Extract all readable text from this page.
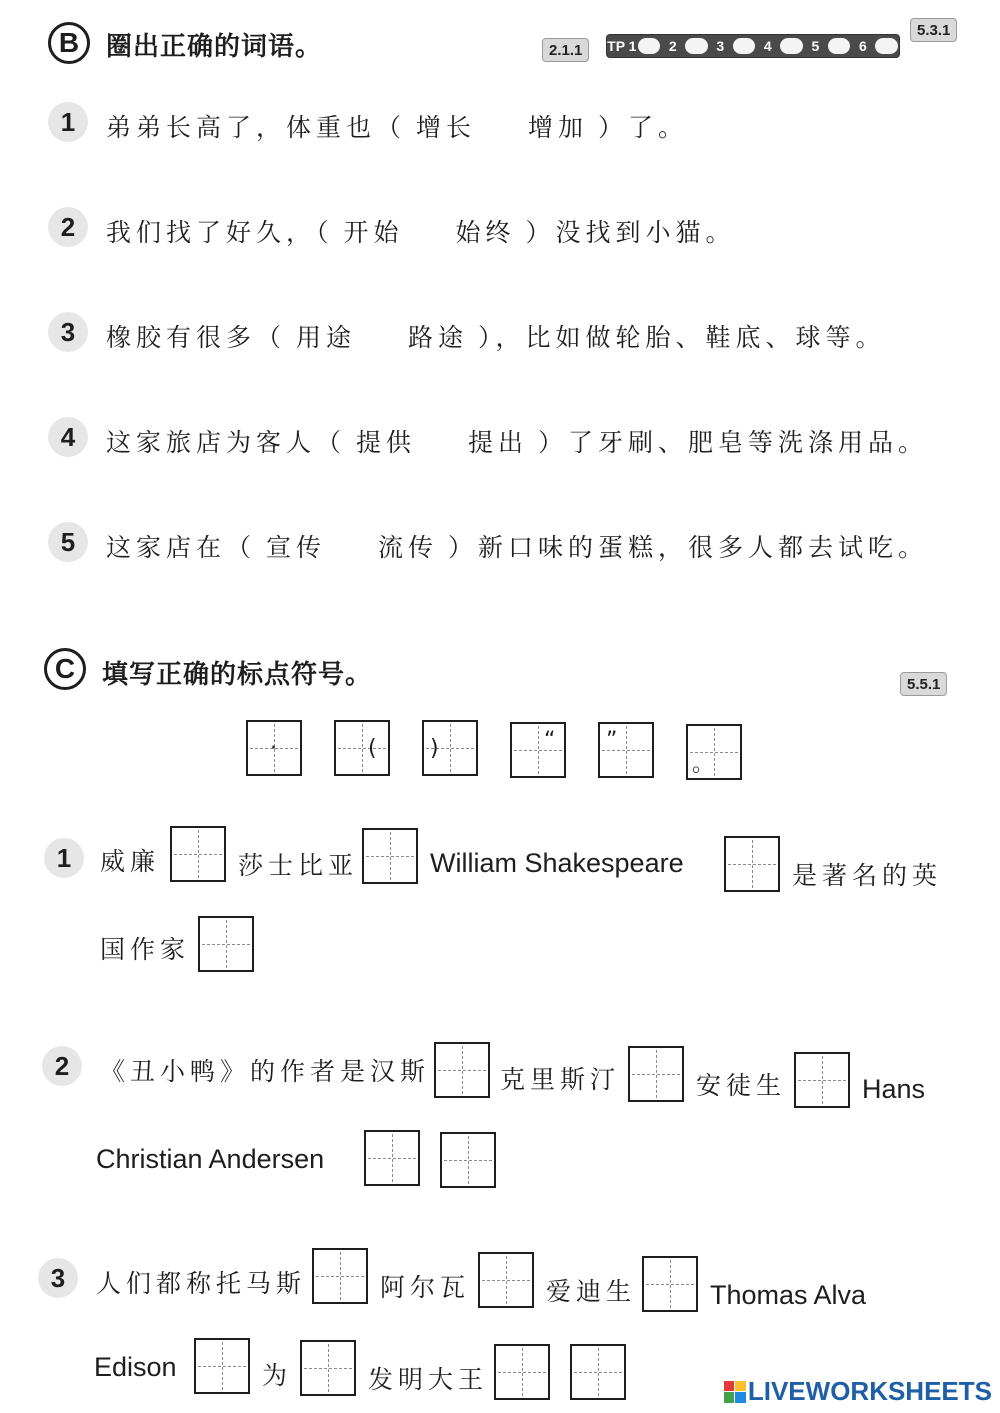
B	圈出正确的词语。	2.1.1	TP 1	2	3	4	5	6
5.3.1
1	弟弟长高了，体重也（ 增长 增加 ）了。
2	我们找了好久，（ 开始 始终 ）没找到小猫。
3	橡胶有很多（ 用途 路途 ），比如做轮胎、鞋底、球等。
4	这家旅店为客人（ 提供 提出 ）了牙刷、肥皂等洗涤用品。
5	这家店在（ 宣传 流传 ）新口味的蛋糕，很多人都去试吃。
C	填写正确的标点符号。	5.5.1
·	( )	“ ”
。
1	威廉	莎士比亚	William Shakespeare	是著名的英
国作家
2	《丑小鸭》的作者是汉斯	克里斯汀	安徒生	Hans
Christian Andersen
3	人们都称托马斯	阿尔瓦	爱迪生	Thomas Alva
Edison	为	发明大王	LIVEWORKSHEETS
